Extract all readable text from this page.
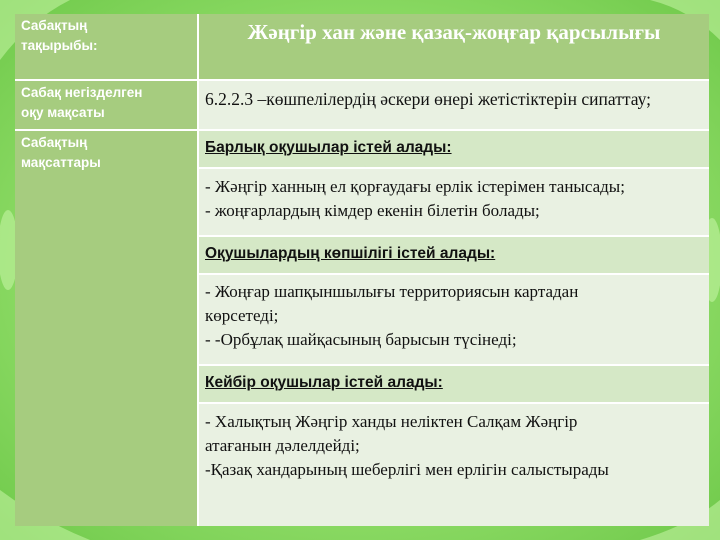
Сабақтың
тақырыбы:	Жәңгір хан және қазақ-жоңғар қарсылығы

Сабақ негізделген
оқу мақсаты	6.2.2.3 –көшпелілердің әскери өнері жетістіктерін сипаттау;

Сабақтың
мақсаттары	Барлық оқушылар істей алады:

	- Жәңгір ханның ел қорғаудағы ерлік істерімен танысады;
- жоңғарлардың кімдер екенін білетін болады;

	Оқушылардың көпшілігі істей алады:

	- Жоңғар шапқыншылығы территориясын картадан
көрсетеді;
- -Орбұлақ шайқасының барысын түсінеді;

	Кейбір оқушылар істей алады:

	- Халықтың Жәңгір ханды неліктен Салқам Жәңгір
атағанын дәлелдейді;
-Қазақ хандарының шеберлігі мен ерлігін салыстырады
